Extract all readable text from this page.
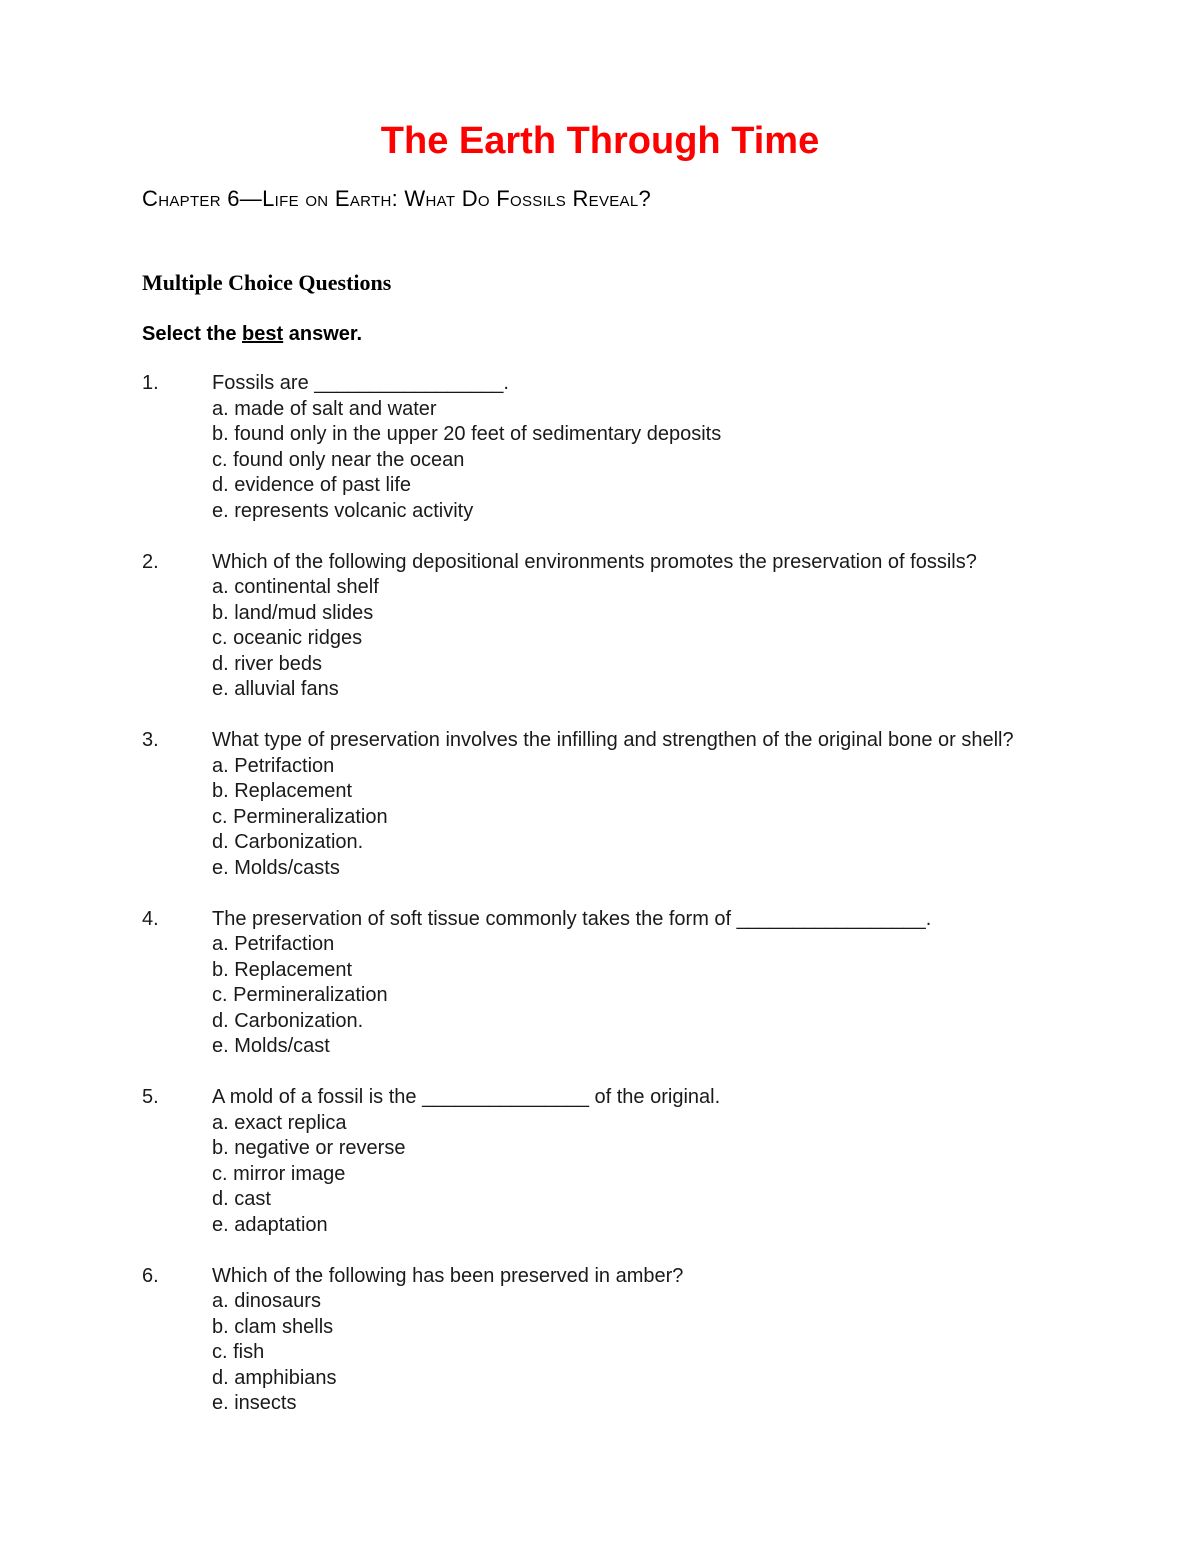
The Earth Through Time
Chapter 6—Life on Earth: What Do Fossils Reveal?
Multiple Choice Questions
Select the best answer.
1.	Fossils are _________________.
a. made of salt and water
b. found only in the upper 20 feet of sedimentary deposits
c. found only near the ocean
d. evidence of past life
e. represents volcanic activity
2.	Which of the following depositional environments promotes the preservation of fossils?
a. continental shelf
b. land/mud slides
c. oceanic ridges
d. river beds
e. alluvial fans
3.	What type of preservation involves the infilling and strengthen of the original bone or shell?
a. Petrifaction
b. Replacement
c. Permineralization
d. Carbonization.
e. Molds/casts
4.	The preservation of soft tissue commonly takes the form of _________________.
a. Petrifaction
b. Replacement
c. Permineralization
d. Carbonization.
e. Molds/cast
5.	A mold of a fossil is the _______________ of the original.
a. exact replica
b. negative or reverse
c. mirror image
d. cast
e. adaptation
6.	Which of the following has been preserved in amber?
a. dinosaurs
b. clam shells
c. fish
d. amphibians
e. insects
